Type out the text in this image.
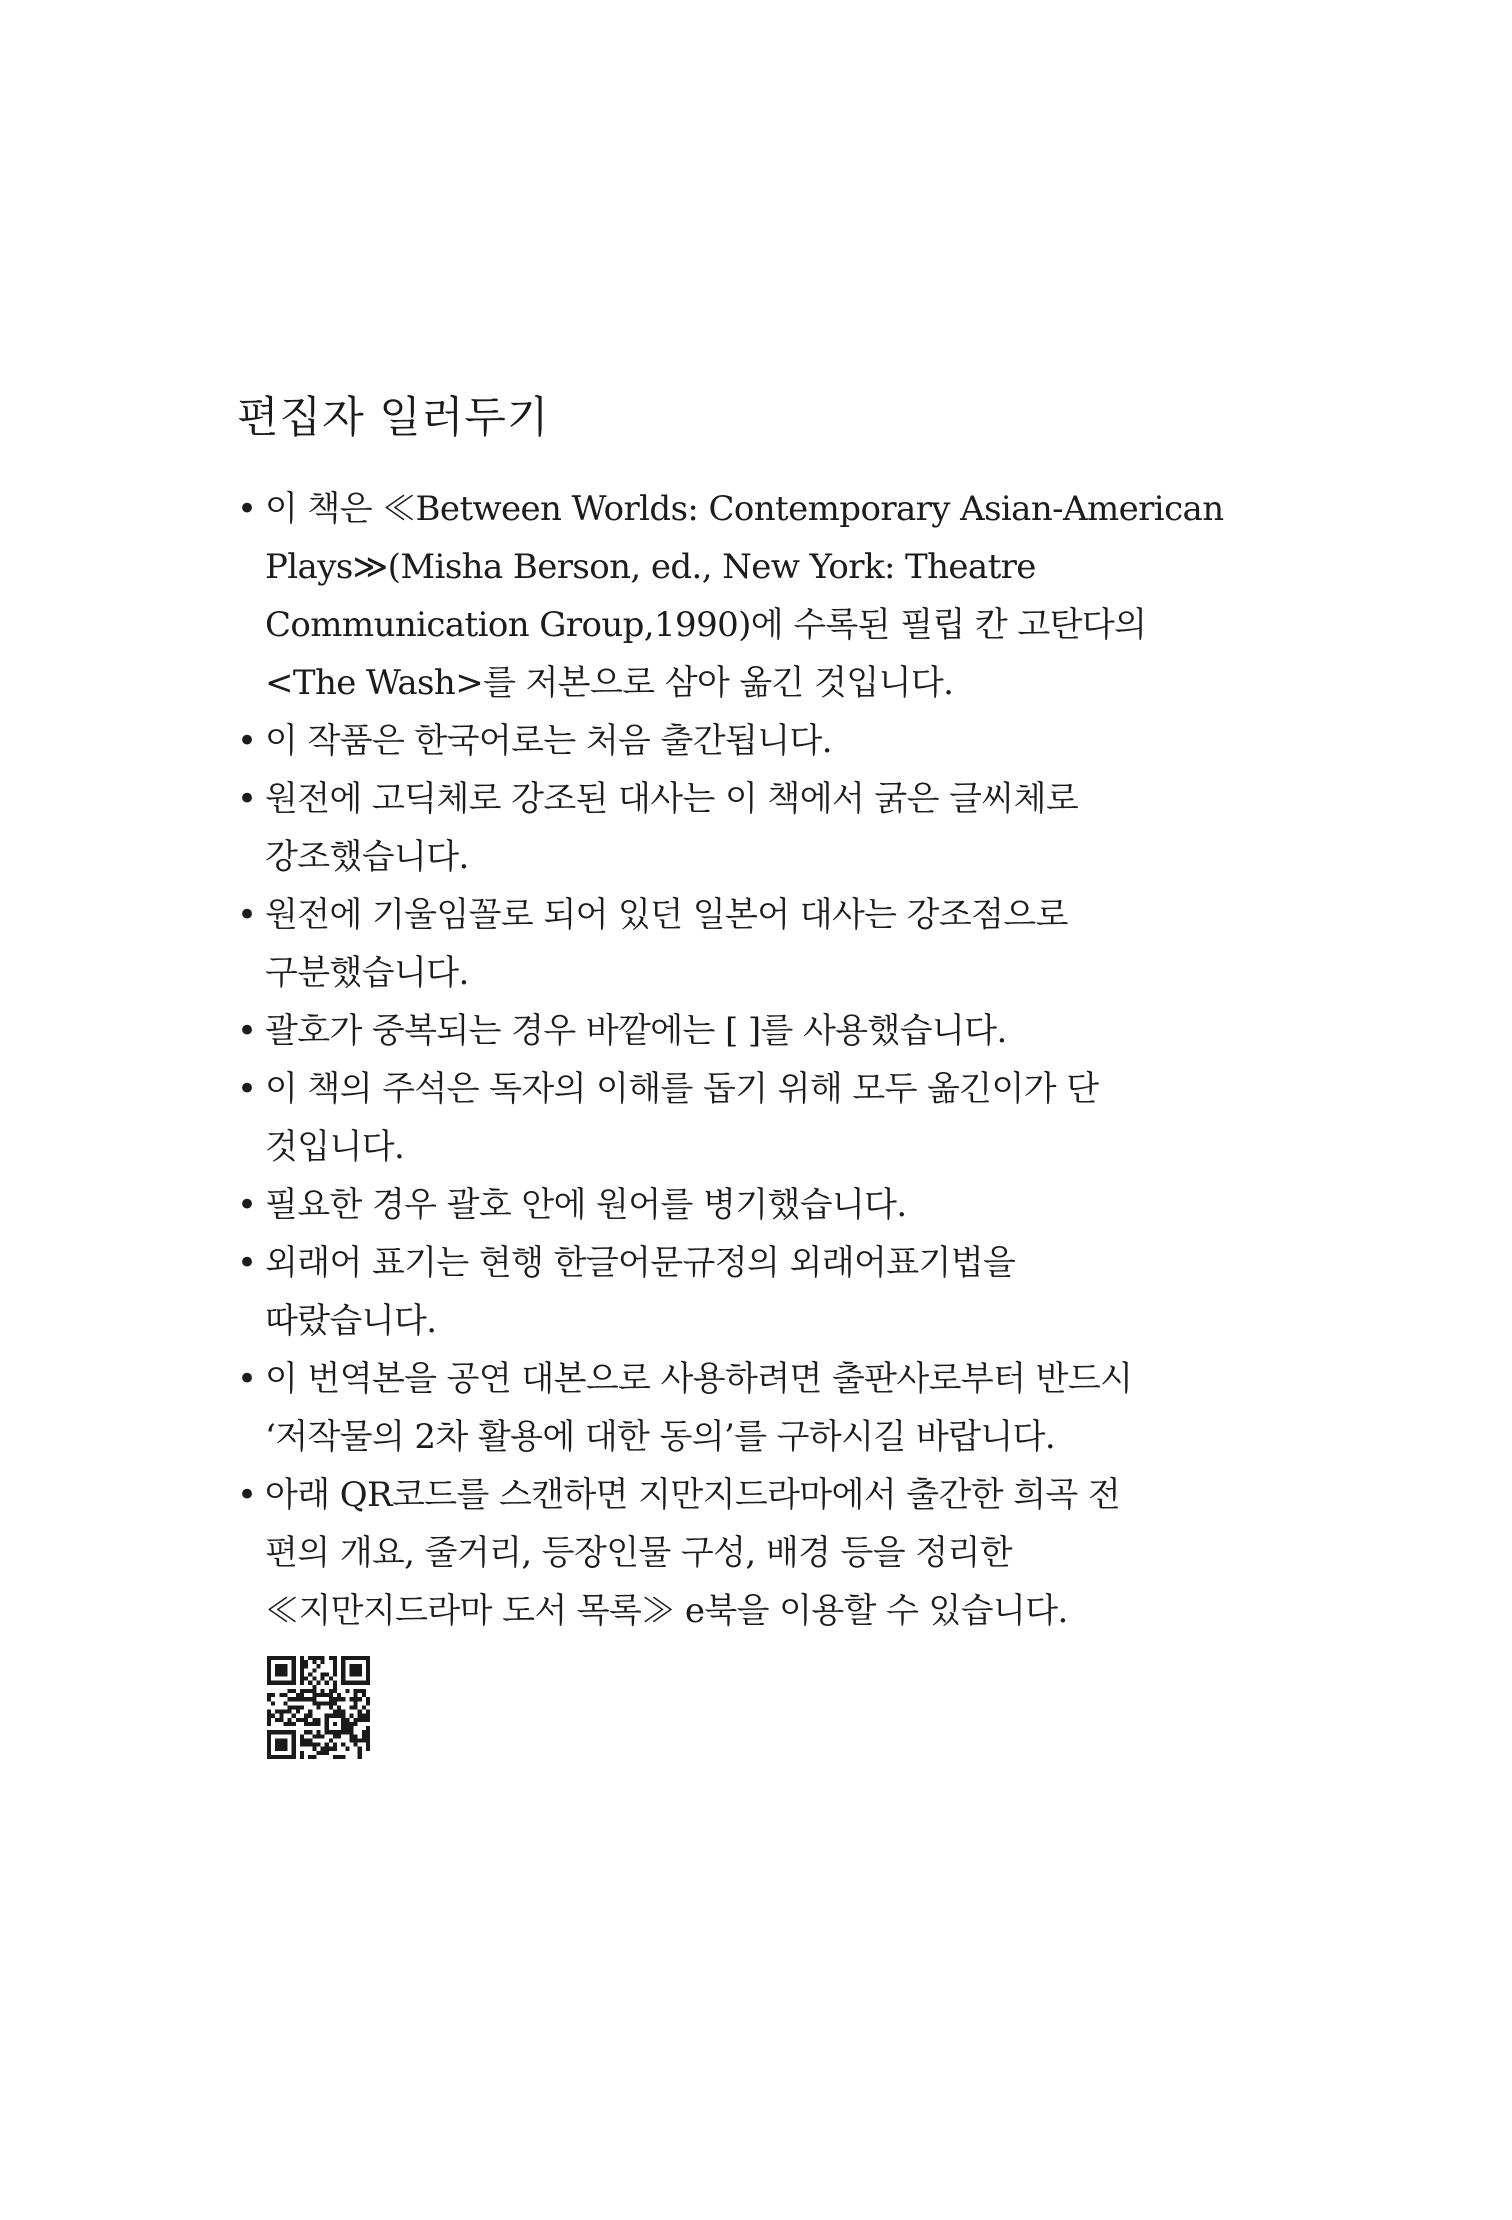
편집자 일러두기
• 이 책은 ≪Between Worlds: Contemporary Asian-American
Plays≫(Misha Berson, ed., New York: Theatre
Communication Group,1990)에 수록된 필립 칸 고탄다의
<The Wash>를 저본으로 삼아 옮긴 것입니다.
• 이 작품은 한국어로는 처음 출간됩니다.
• 원전에 고딕체로 강조된 대사는 이 책에서 굵은 글씨체로
강조했습니다.
• 원전에 기울임꼴로 되어 있던 일본어 대사는 강조점으로
구분했습니다.
• 괄호가 중복되는 경우 바깥에는 [ ]를 사용했습니다.
• 이 책의 주석은 독자의 이해를 돕기 위해 모두 옮긴이가 단
것입니다.
• 필요한 경우 괄호 안에 원어를 병기했습니다.
• 외래어 표기는 현행 한글어문규정의 외래어표기법을
따랐습니다.
• 이 번역본을 공연 대본으로 사용하려면 출판사로부터 반드시
‘저작물의 2차 활용에 대한 동의’를 구하시길 바랍니다.
• 아래 QR코드를 스캔하면 지만지드라마에서 출간한 희곡 전
편의 개요, 줄거리, 등장인물 구성, 배경 등을 정리한
≪지만지드라마 도서 목록≫ e북을 이용할 수 있습니다.
